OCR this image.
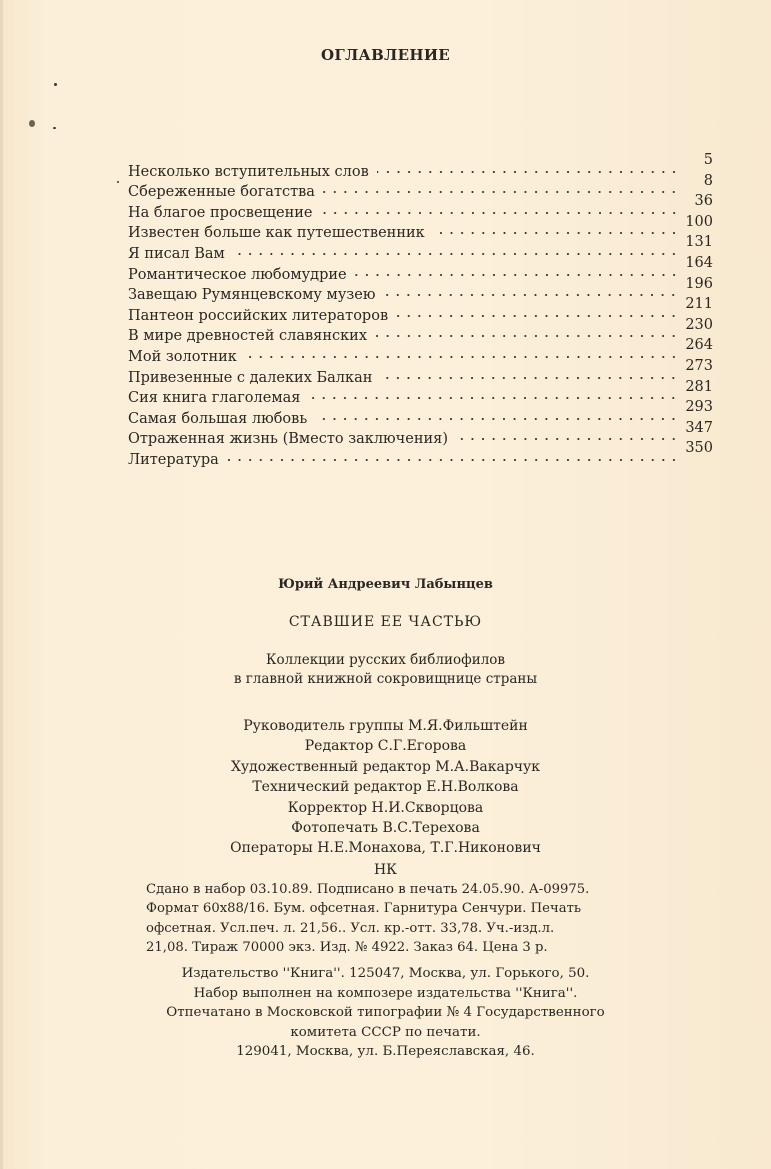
ОГЛАВЛЕНИЕ
Несколько вступительных слов
5
Сбереженные богатства
8
На благое просвещение
36
Известен больше как путешественник
100
Я писал Вам
131
Романтическое любомудрие
164
Завещаю Румянцевскому музею
196
Пантеон российских литераторов
211
В мире древностей славянских
230
Мой золотник
264
Привезенные с далеких Балкан
273
Сия книга глаголемая
281
Самая большая любовь
293
Отраженная жизнь (Вместо заключения)
347
Литература
350
Юрий Андреевич Лабынцев
СТАВШИЕ ЕЕ ЧАСТЬЮ
Коллекции русских библиофилов
в главной книжной сокровищнице страны
Руководитель группы М.Я.Фильштейн
Редактор С.Г.Егорова
Художественный редактор М.А.Вакарчук
Технический редактор Е.Н.Волкова
Корректор Н.И.Скворцова
Фотопечать В.С.Терехова
Операторы Н.Е.Монахова, Т.Г.Никонович
НК
Сдано в набор 03.10.89. Подписано в печать 24.05.90. А-09975.
Формат 60х88/16. Бум. офсетная. Гарнитура Сенчури. Печать
офсетная. Усл.печ. л. 21,56.. Усл. кр.-отт. 33,78. Уч.-изд.л.
21,08. Тираж 70000 экз. Изд. № 4922. Заказ 64. Цена 3 р.
Издательство ''Книга''. 125047, Москва, ул. Горького, 50.
Набор выполнен на композере издательства ''Книга''.
Отпечатано в Московской типографии № 4 Государственного
комитета СССР по печати.
129041, Москва, ул. Б.Переяславская, 46.
